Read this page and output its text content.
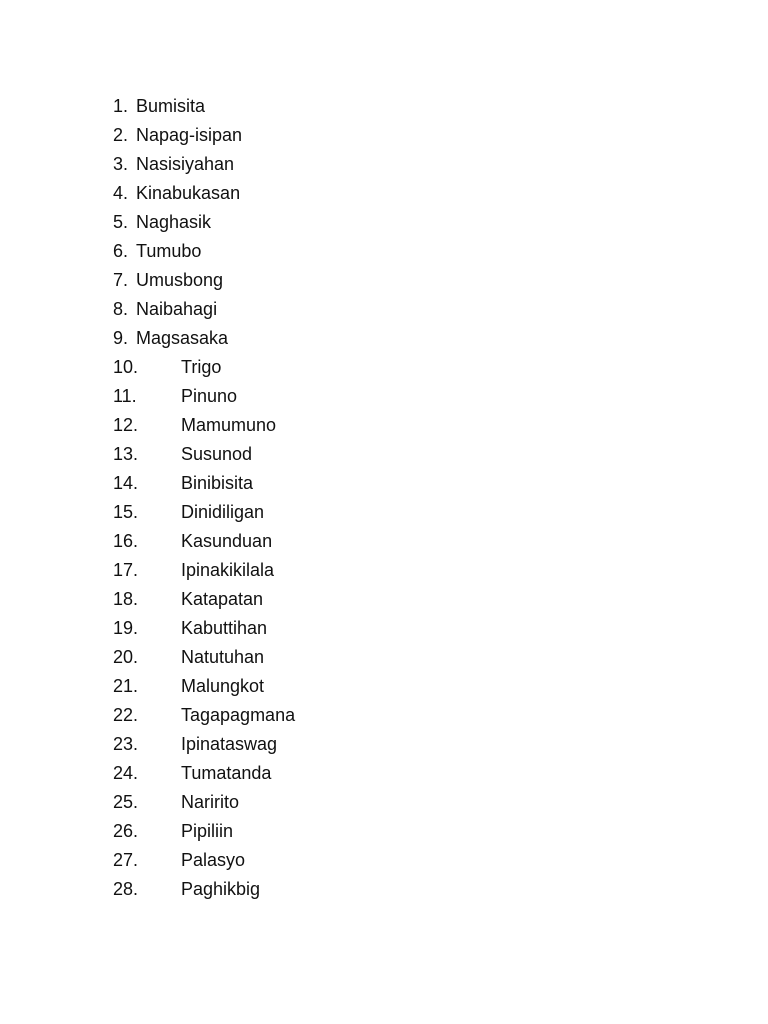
1. Bumisita
2. Napag-isipan
3. Nasisiyahan
4. Kinabukasan
5. Naghasik
6. Tumubo
7. Umusbong
8. Naibahagi
9. Magsasaka
10. Trigo
11. Pinuno
12. Mamumuno
13. Susunod
14. Binibisita
15. Dinidiligan
16. Kasunduan
17. Ipinakikilala
18. Katapatan
19. Kabuttihan
20. Natutuhan
21. Malungkot
22. Tagapagmana
23. Ipinataswag
24. Tumatanda
25. Naririto
26. Pipiliin
27. Palasyo
28. Paghikbig
